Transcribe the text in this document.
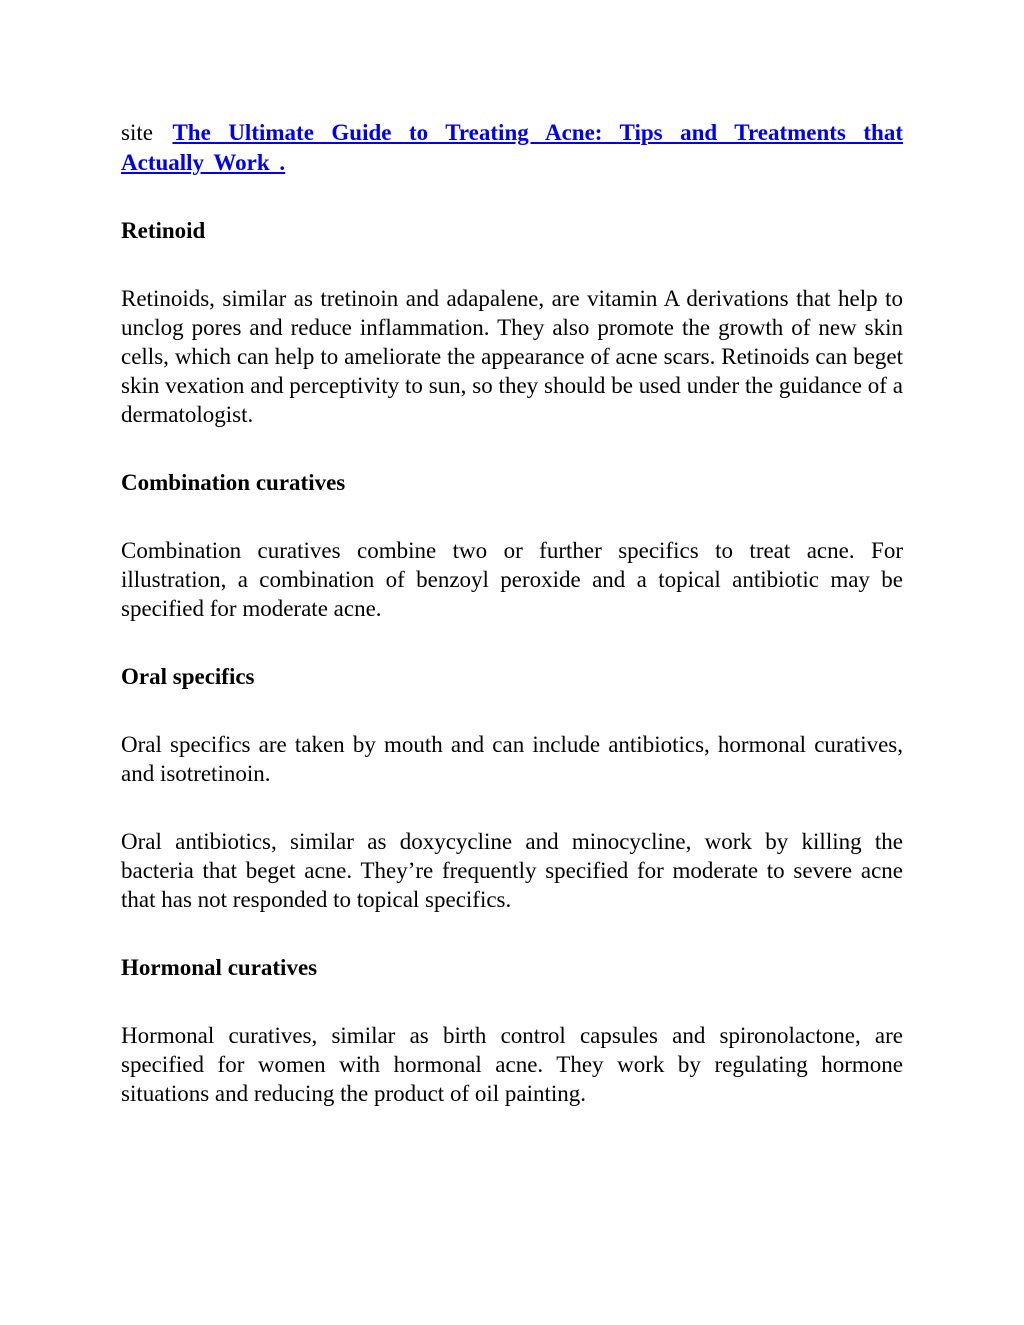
site The Ultimate Guide to Treating Acne: Tips and Treatments that Actually Work .

Retinoid

Retinoids, similar as tretinoin and adapalene, are vitamin A derivations that help to unclog pores and reduce inflammation. They also promote the growth of new skin cells, which can help to ameliorate the appearance of acne scars. Retinoids can beget skin vexation and perceptivity to sun, so they should be used under the guidance of a dermatologist.

Combination curatives

Combination curatives combine two or further specifics to treat acne. For illustration, a combination of benzoyl peroxide and a topical antibiotic may be specified for moderate acne.

Oral specifics

Oral specifics are taken by mouth and can include antibiotics, hormonal curatives, and isotretinoin.

Oral antibiotics, similar as doxycycline and minocycline, work by killing the bacteria that beget acne. They’re frequently specified for moderate to severe acne that has not responded to topical specifics.

Hormonal curatives

Hormonal curatives, similar as birth control capsules and spironolactone, are specified for women with hormonal acne. They work by regulating hormone situations and reducing the product of oil painting.
